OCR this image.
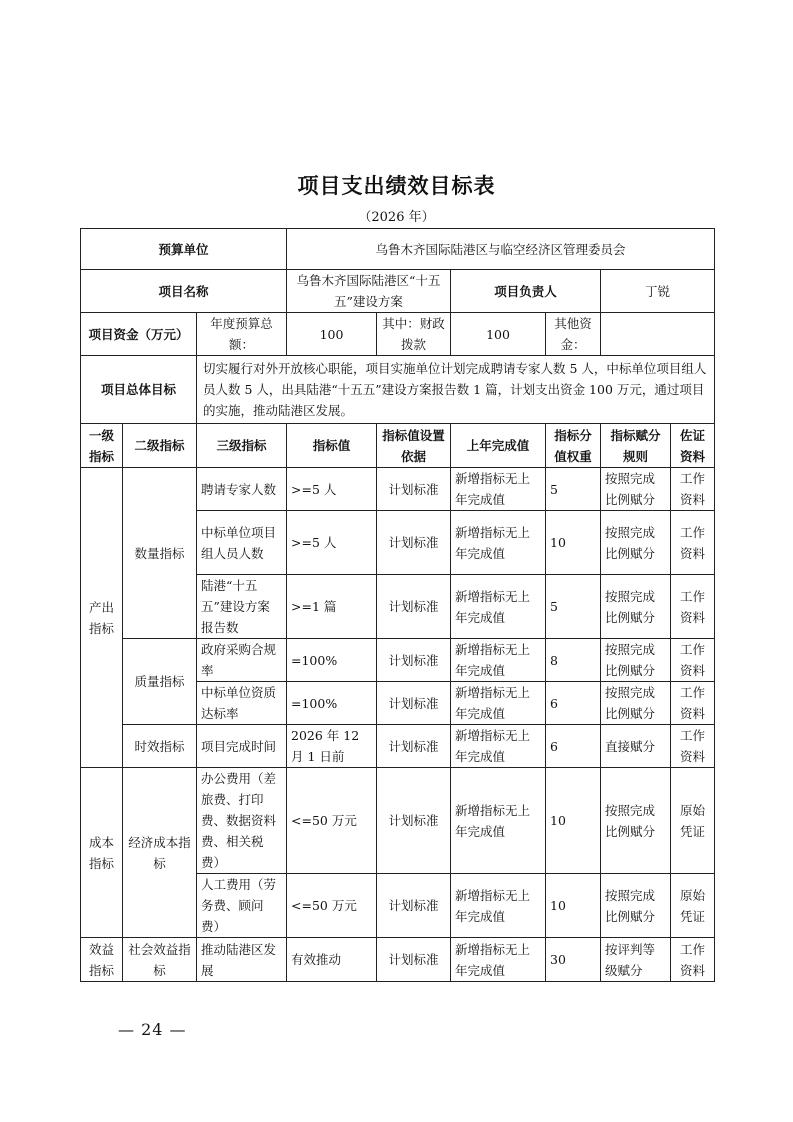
项目支出绩效目标表
（2026 年）
预算单位			乌鲁木齐国际陆港区与临空经济区管理委员会					
项目名称			乌鲁木齐国际陆港区“十五五”建设方案		项目负责人		丁锐	
项目资金（万元）		年度预算总额：	100	其中：财政拨款	100	其他资金：		
项目总体目标		切实履行对外开放核心职能，项目实施单位计划完成聘请专家人数 5 人，中标单位项目组人员人数 5 人，出具陆港“十五五”建设方案报告数 1 篇，计划支出资金 100 万元，通过项目的实施，推动陆港区发展。						
一级指标	二级指标	三级指标	指标值	指标值设置依据	上年完成值	指标分值权重	指标赋分规则	佐证资料
产出指标	数量指标	聘请专家人数	>=5 人	计划标准	新增指标无上年完成值	5	按照完成比例赋分	工作资料
		中标单位项目组人员人数	>=5 人	计划标准	新增指标无上年完成值	10	按照完成比例赋分	工作资料
		陆港“十五五”建设方案报告数	>=1 篇	计划标准	新增指标无上年完成值	5	按照完成比例赋分	工作资料
	质量指标	政府采购合规率	=100%	计划标准	新增指标无上年完成值	8	按照完成比例赋分	工作资料
		中标单位资质达标率	=100%	计划标准	新增指标无上年完成值	6	按照完成比例赋分	工作资料
	时效指标	项目完成时间	2026 年 12 月 1 日前	计划标准	新增指标无上年完成值	6	直接赋分	工作资料
成本指标	经济成本指标	办公费用（差旅费、打印费、数据资料费、相关税费）	<=50 万元	计划标准	新增指标无上年完成值	10	按照完成比例赋分	原始凭证
		人工费用（劳务费、顾问费）	<=50 万元	计划标准	新增指标无上年完成值	10	按照完成比例赋分	原始凭证
效益指标	社会效益指标	推动陆港区发展	有效推动	计划标准	新增指标无上年完成值	30	按评判等级赋分	工作资料
— 24 —
